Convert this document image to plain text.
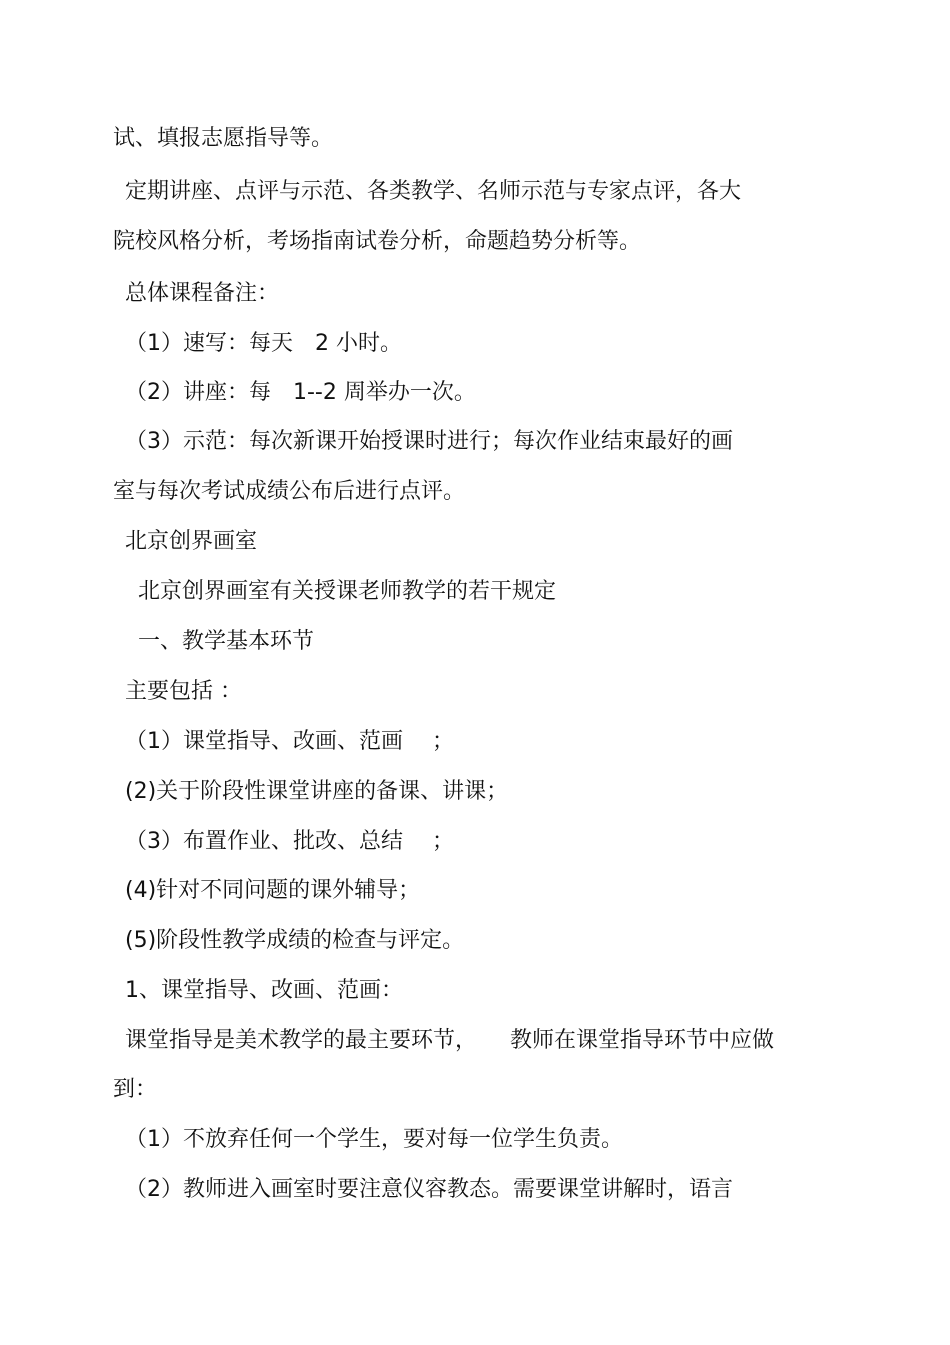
试、填报志愿指导等。
定期讲座、点评与示范、各类教学、名师示范与专家点评，各大
院校风格分析，考场指南试卷分析，命题趋势分析等。
总体课程备注：
（1）速写：每天　2 小时。
（2）讲座：每　1--2 周举办一次。
（3）示范：每次新课开始授课时进行；每次作业结束最好的画
室与每次考试成绩公布后进行点评。
北京创界画室
北京创界画室有关授课老师教学的若干规定
一、教学基本环节
主要包括 ：
（1）课堂指导、改画、范画　 ；
(2)关于阶段性课堂讲座的备课、讲课；
（3）布置作业、批改、总结　 ；
(4)针对不同问题的课外辅导；
(5)阶段性教学成绩的检查与评定。
1、课堂指导、改画、范画：
课堂指导是美术教学的最主要环节，　　教师在课堂指导环节中应做
到：
（1）不放弃任何一个学生，要对每一位学生负责。
（2）教师进入画室时要注意仪容教态。需要课堂讲解时，语言
